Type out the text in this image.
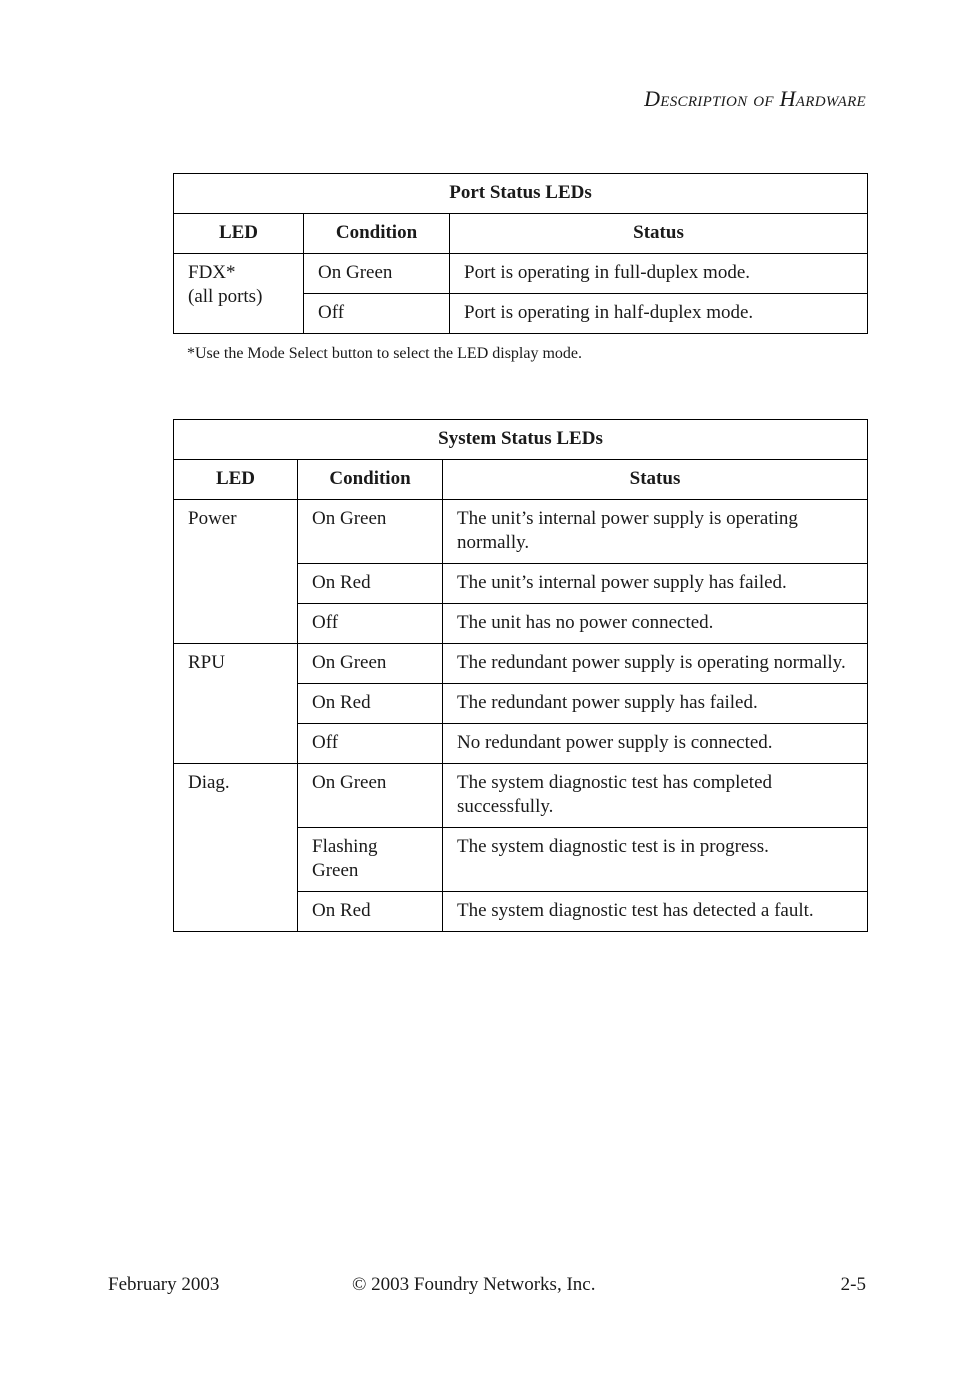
Description of Hardware
Port Status LEDs		
LED	Condition	Status
FDX*
(all ports)	On Green	Port is operating in full-duplex mode.
	Off	Port is operating in half-duplex mode.
*Use the Mode Select button to select the LED display mode.
System Status LEDs		
LED	Condition	Status
Power	On Green	The unit’s internal power supply is operating normally.
	On Red	The unit’s internal power supply has failed.
	Off	The unit has no power connected.
RPU	On Green	The redundant power supply is operating normally.
	On Red	The redundant power supply has failed.
	Off	No redundant power supply is connected.
Diag.	On Green	The system diagnostic test has completed successfully.
	Flashing Green	The system diagnostic test is in progress.
	On Red	The system diagnostic test has detected a fault.
February 2003	© 2003 Foundry Networks, Inc.	2-5
